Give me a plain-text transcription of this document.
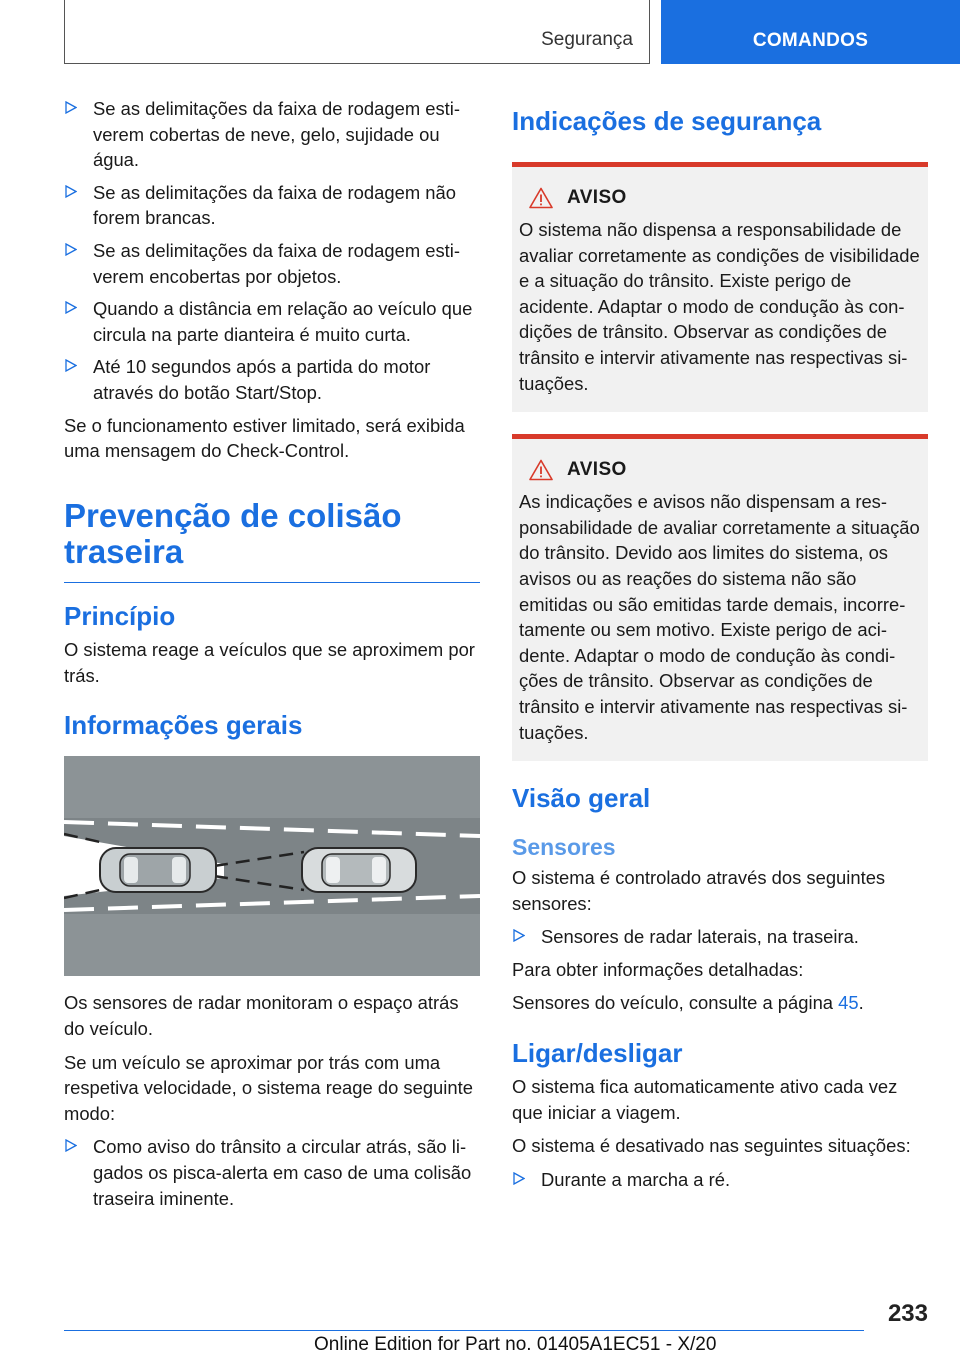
Segurança	COMANDOS
Se as delimitações da faixa de rodagem estiverem cobertas de neve, gelo, sujidade ou água.
Se as delimitações da faixa de rodagem não forem brancas.
Se as delimitações da faixa de rodagem estiverem encobertas por objetos.
Quando a distância em relação ao veículo que circula na parte dianteira é muito curta.
Até 10 segundos após a partida do motor através do botão Start/Stop.

Se o funcionamento estiver limitado, será exibida uma mensagem do Check-Control.

Prevenção de colisão
traseira
Princípio

O sistema reage a veículos que se aproximem por trás.

Informações gerais

Os sensores de radar monitoram o espaço atrás do veículo.

Se um veículo se aproximar por trás com uma respetiva velocidade, o sistema reage do seguinte modo:

Como aviso do trânsito a circular atrás, são ligados os pisca-alerta em caso de uma colisão traseira iminente.
Indicações de segurança
AVISO

O sistema não dispensa a responsabilidade de avaliar corretamente as condições de visibilidade e a situação do trânsito. Existe perigo de acidente. Adaptar o modo de condução às condições de trânsito. Observar as condições de trânsito e intervir ativamente nas respectivas situações.

AVISO

As indicações e avisos não dispensam a responsabilidade de avaliar corretamente a situação do trânsito. Devido aos limites do sistema, os avisos ou as reações do sistema não são emitidas ou são emitidas tarde demais, incorretamente ou sem motivo. Existe perigo de acidente. Adaptar o modo de condução às condições de trânsito. Observar as condições de trânsito e intervir ativamente nas respectivas situações.

Visão geral
Sensores

O sistema é controlado através dos seguintes sensores:

Sensores de radar laterais, na traseira.

Para obter informações detalhadas:

Sensores do veículo, consulte a página 45.

Ligar/desligar

O sistema fica automaticamente ativo cada vez que iniciar a viagem.

O sistema é desativado nas seguintes situações:

Durante a marcha a ré.
233
Online Edition for Part no. 01405A1EC51 - X/20
